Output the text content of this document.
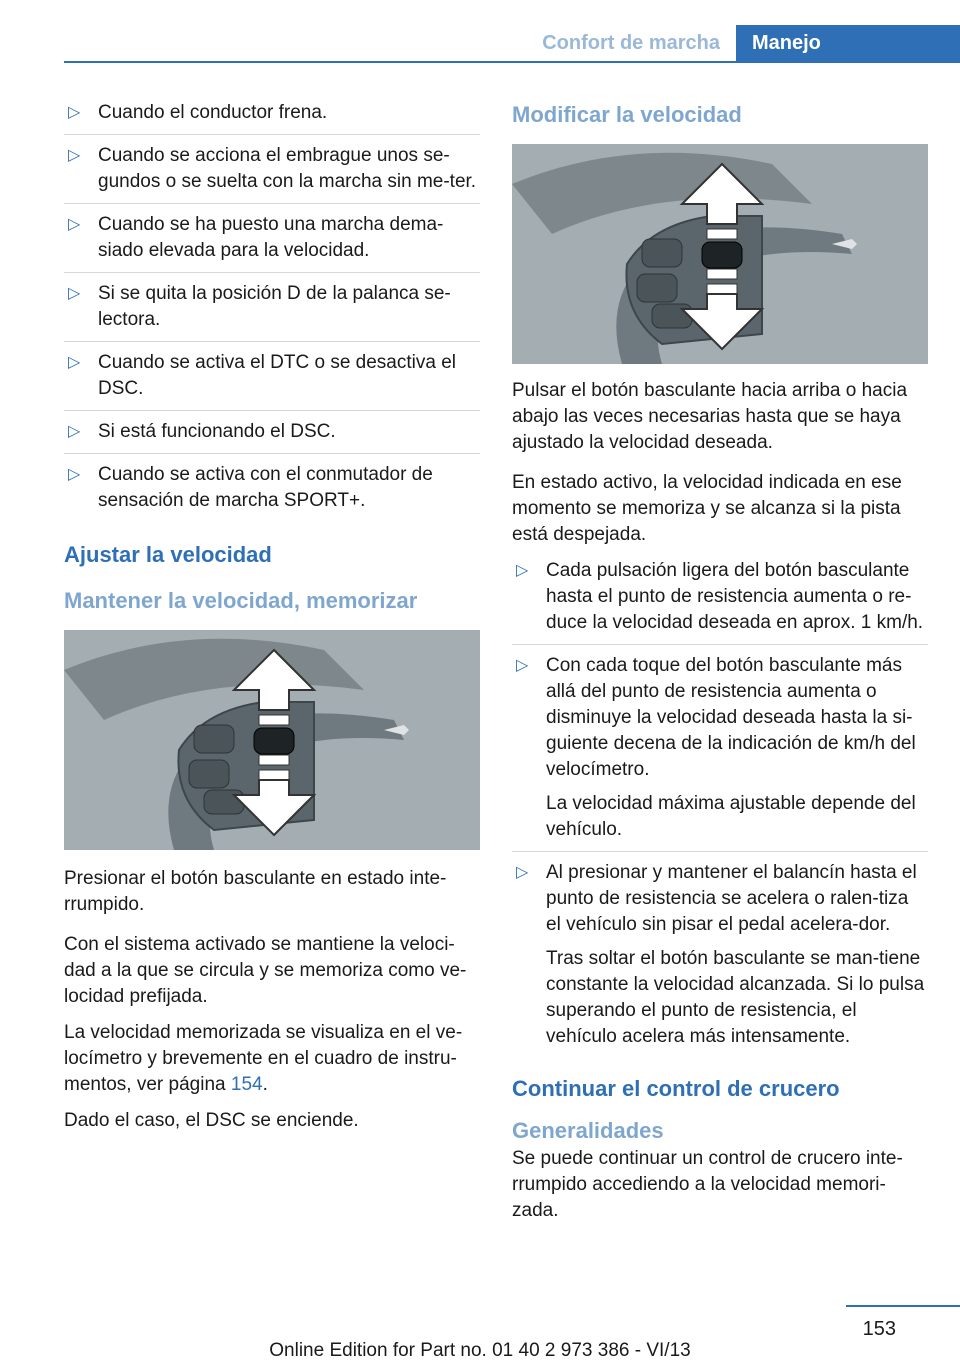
Confort de marcha	Manejo
▷ Cuando el conductor frena.
▷ Cuando se acciona el embrague unos se-gundos o se suelta con la marcha sin me-ter.
▷ Cuando se ha puesto una marcha dema-siado elevada para la velocidad.
▷ Si se quita la posición D de la palanca se-lectora.
▷ Cuando se activa el DTC o se desactiva el DSC.
▷ Si está funcionando el DSC.
▷ Cuando se activa con el conmutador de sensación de marcha SPORT+.
Ajustar la velocidad
Mantener la velocidad, memorizar

Presionar el botón basculante en estado inte-rrumpido.

Con el sistema activado se mantiene la veloci-dad a la que se circula y se memoriza como ve-locidad prefijada.

La velocidad memorizada se visualiza en el ve-locímetro y brevemente en el cuadro de instru-mentos, ver página 154.

Dado el caso, el DSC se enciende.

Modificar la velocidad

Pulsar el botón basculante hacia arriba o hacia abajo las veces necesarias hasta que se haya ajustado la velocidad deseada.

En estado activo, la velocidad indicada en ese momento se memoriza y se alcanza si la pista está despejada.

▷ Cada pulsación ligera del botón basculante hasta el punto de resistencia aumenta o re-duce la velocidad deseada en aprox. 1 km/h.
▷ Con cada toque del botón basculante más allá del punto de resistencia aumenta o disminuye la velocidad deseada hasta la si-guiente decena de la indicación de km/h del velocímetro.
La velocidad máxima ajustable depende del vehículo.
▷ Al presionar y mantener el balancín hasta el punto de resistencia se acelera o ralen-tiza el vehículo sin pisar el pedal acelera-dor.
Tras soltar el botón basculante se man-tiene constante la velocidad alcanzada. Si lo pulsa superando el punto de resistencia, el vehículo acelera más intensamente.
Continuar el control de crucero
Generalidades

Se puede continuar un control de crucero inte-rrumpido accediendo a la velocidad memori-zada.

153
Online Edition for Part no. 01 40 2 973 386 - VI/13
